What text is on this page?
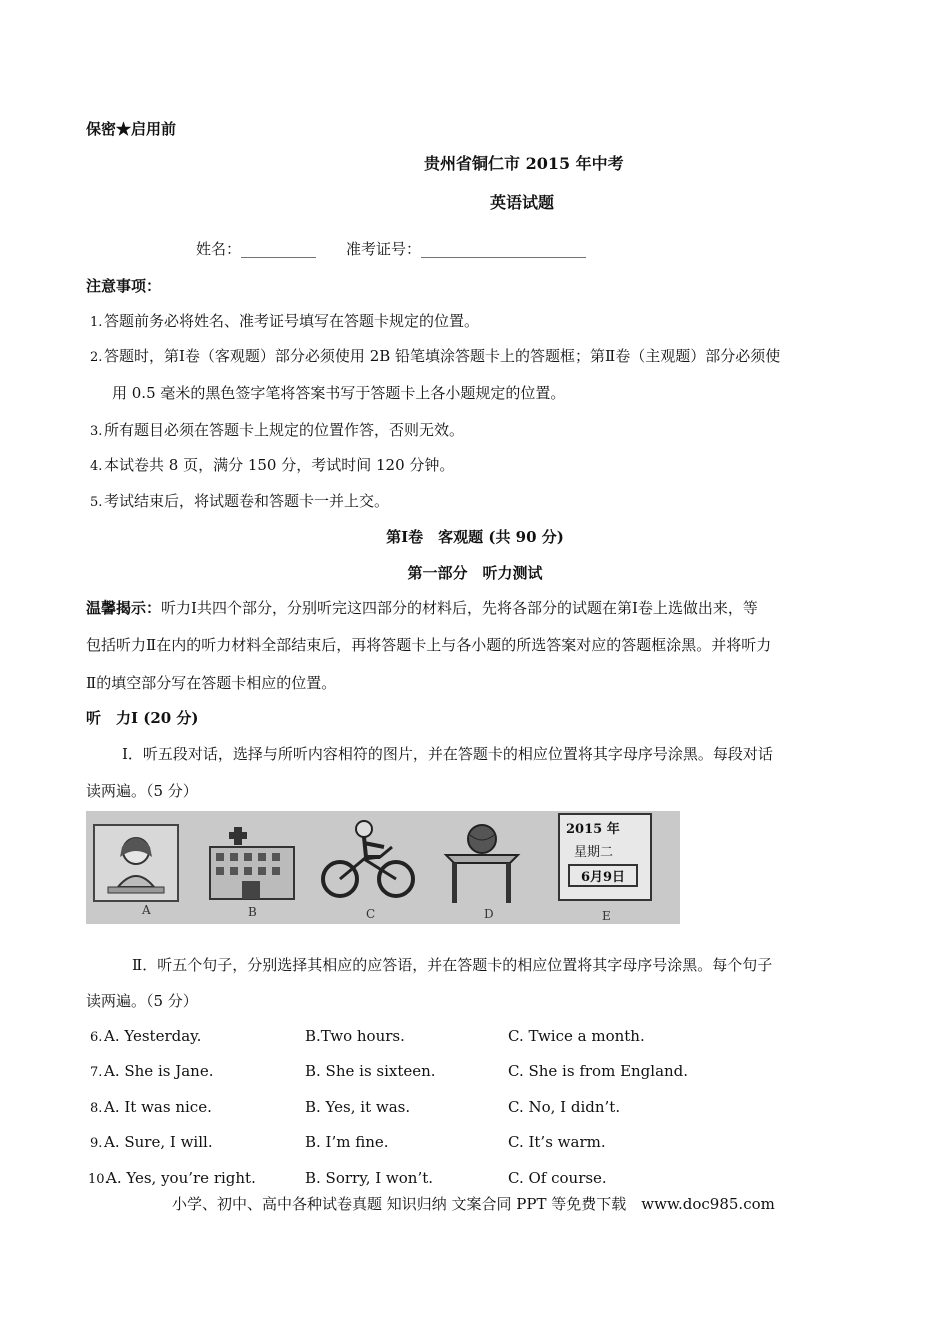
保密★启用前
贵州省铜仁市 2015 年中考
英语试题
姓名：__________ 准考证号：______________________
注意事项：
1. 答题前务必将姓名、准考证号填写在答题卡规定的位置。
2. 答题时，第Ⅰ卷（客观题）部分必须使用 2B 铅笔填涂答题卡上的答题框；第Ⅱ卷（主观题）部分必须使
用 0.5 毫米的黑色签字笔将答案书写于答题卡上各小题规定的位置。
3. 所有题目必须在答题卡上规定的位置作答，否则无效。
4. 本试卷共 8 页，满分 150 分，考试时间 120 分钟。
5. 考试结束后，将试题卷和答题卡一并上交。
第Ⅰ卷　客观题 (共 90 分)
第一部分　听力测试
温馨揭示：听力Ⅰ共四个部分，分别听完这四部分的材料后，先将各部分的试题在第Ⅰ卷上选做出来，等
包括听力Ⅱ在内的听力材料全部结束后，再将答题卡上与各小题的所选答案对应的答题框涂黑。并将听力
Ⅱ的填空部分写在答题卡相应的位置。
听　力Ⅰ (20 分)
Ⅰ．听五段对话，选择与所听内容相符的图片，并在答题卡的相应位置将其字母序号涂黑。每段对话
读两遍。（5 分）
A	B	C	D
2015 年
星期二
6月9日
E
Ⅱ．听五个句子，分别选择其相应的应答语，并在答题卡的相应位置将其字母序号涂黑。每个句子
读两遍。（5 分）
6. A. Yesterday.	B.Two hours.	C. Twice a month.
7. A. She is Jane.	B. She is sixteen.	C. She is from England.
8. A. It was nice.	B. Yes, it was.	C. No, I didn’t.
9. A. Sure, I will.	B. I’m fine.	C. It’s warm.
10.A. Yes, you’re right.	B. Sorry, I won’t.	C. Of course.
小学、初中、高中各种试卷真题 知识归纳 文案合同 PPT 等免费下载　www.doc985.com
